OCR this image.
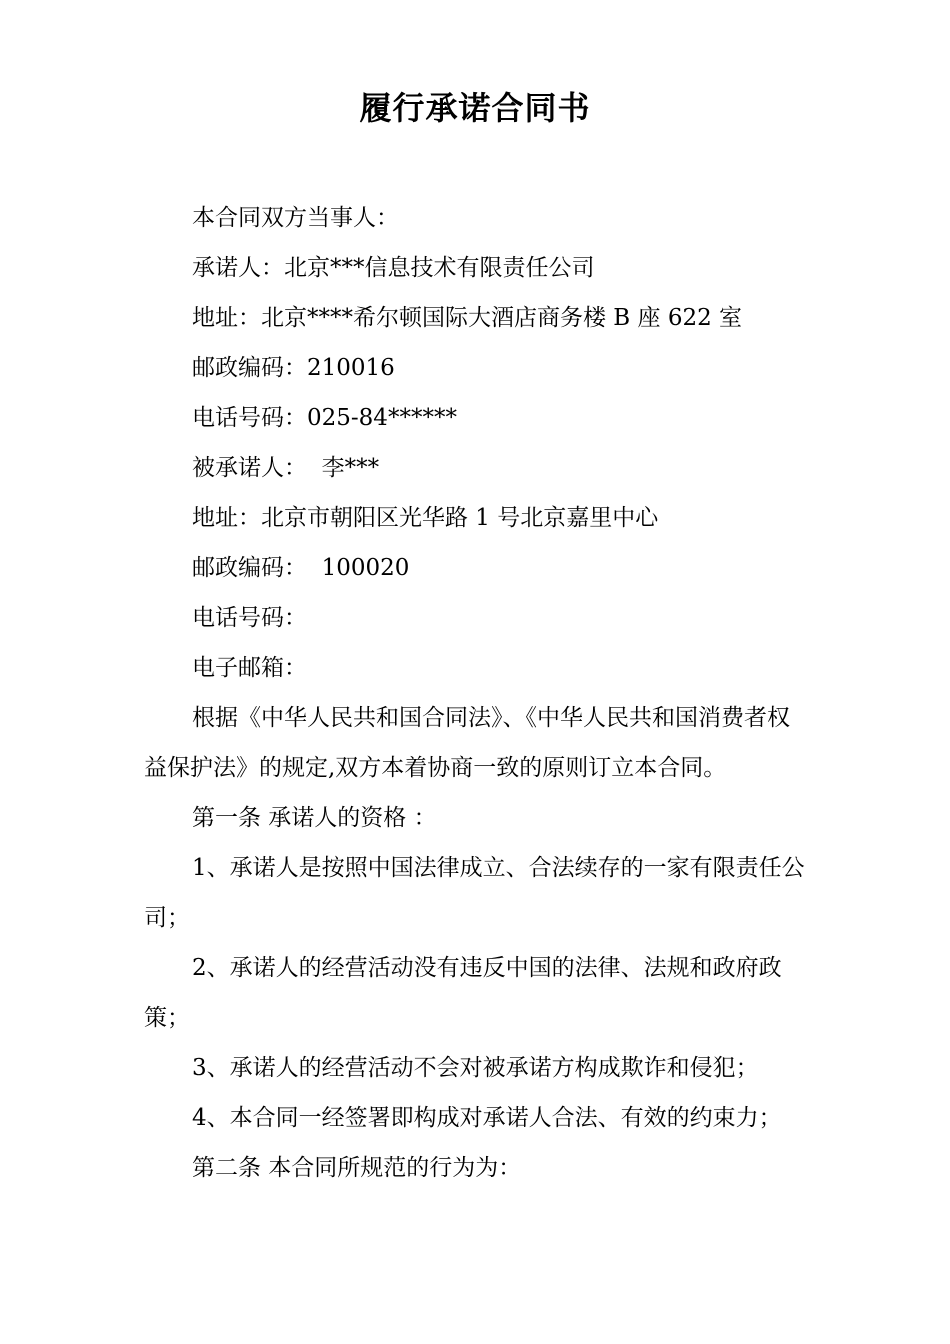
履行承诺合同书

本合同双方当事人：

承诺人：北京***信息技术有限责任公司

地址：北京****希尔顿国际大酒店商务楼 B 座 622 室

邮政编码：210016

电话号码：025-84******

被承诺人：  李***

地址：北京市朝阳区光华路 1 号北京嘉里中心

邮政编码：  100020

电话号码：

电子邮箱：

根据《中华人民共和国合同法》、《中华人民共和国消费者权益保护法》的规定,双方本着协商一致的原则订立本合同。

第一条 承诺人的资格 ：

1、承诺人是按照中国法律成立、合法续存的一家有限责任公司；

2、承诺人的经营活动没有违反中国的法律、法规和政府政策；

3、承诺人的经营活动不会对被承诺方构成欺诈和侵犯；

4、本合同一经签署即构成对承诺人合法、有效的约束力；

第二条 本合同所规范的行为为：
